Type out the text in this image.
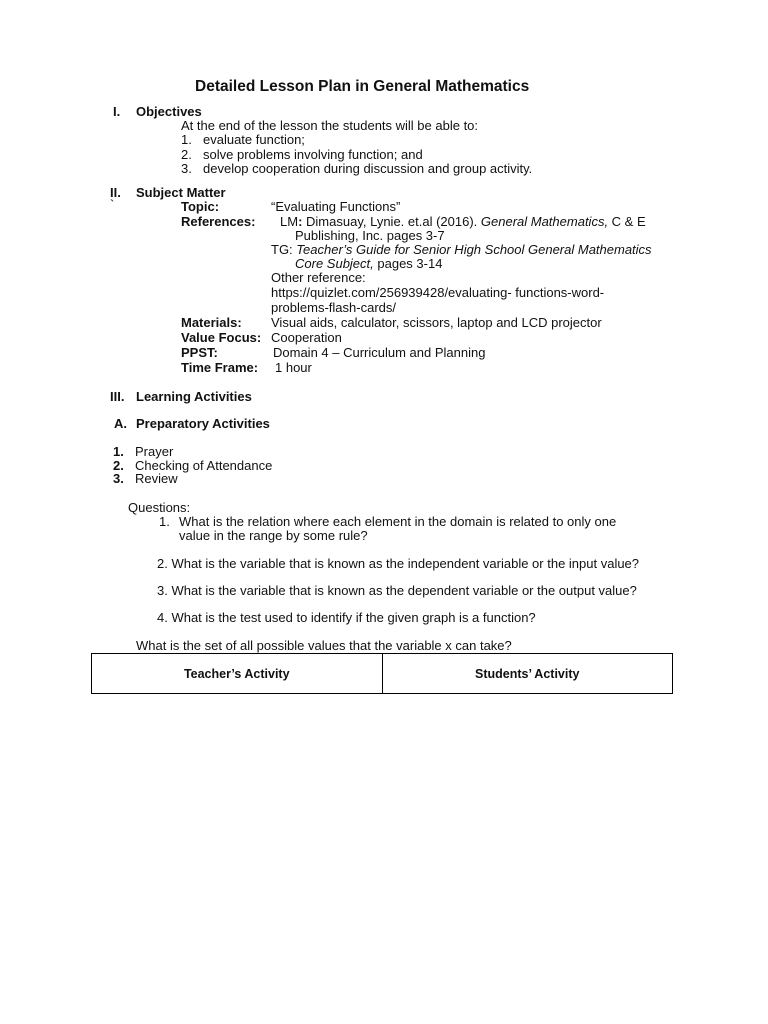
Detailed Lesson Plan in General Mathematics
I. Objectives
At the end of the lesson the students will be able to:
1. evaluate function;
2. solve problems involving function; and
3. develop cooperation during discussion and group activity.
II. Subject Matter
`	Topic:	“Evaluating Functions”
References: LM: Dimasuay, Lynie. et.al (2016). General Mathematics, C & E
Publishing, Inc. pages 3-7
TG: Teacher’s Guide for Senior High School General Mathematics
Core Subject, pages 3-14
Other reference:
https://quizlet.com/256939428/evaluating- functions-word-
problems-flash-cards/
Materials: Visual aids, calculator, scissors, laptop and LCD projector
Value Focus: Cooperation
PPST:	Domain 4 – Curriculum and Planning
Time Frame: 1 hour
III. Learning Activities
A. Preparatory Activities
1. Prayer
2. Checking of Attendance
3. Review
Questions:
1. What is the relation where each element in the domain is related to only one
value in the range by some rule?
2. What is the variable that is known as the independent variable or the input value?
3. What is the variable that is known as the dependent variable or the output value?
4. What is the test used to identify if the given graph is a function?
What is the set of all possible values that the variable x can take?
Teacher’s Activity	Students’ Activity
